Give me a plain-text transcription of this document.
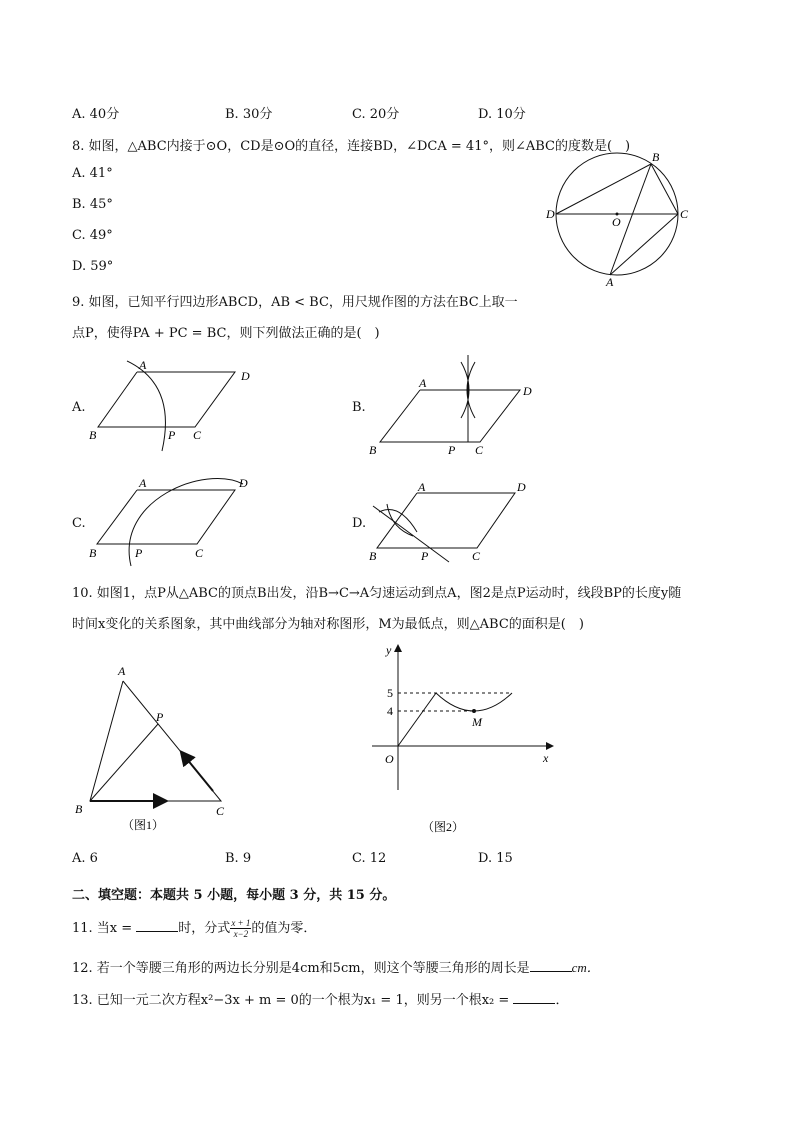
A. 40分	B. 30分	C. 20分	D. 10分
8. 如图，△ABC内接于⊙O，CD是⊙O的直径，连接BD，∠DCA = 41°，则∠ABC的度数是(　)
A. 41°
B. 45°
C. 49°
D. 59°
B
D
O
C
A
9. 如图，已知平行四边形ABCD，AB < BC，用尺规作图的方法在BC上取一
点P，使得PA + PC = BC，则下列做法正确的是(　)
A.
A
D
B	P C
B.
A
D
B	P C
C.
A	D
B	P	C
D.
A	D
B	P	C
10. 如图1，点P从△ABC的顶点B出发，沿B→C→A匀速运动到点A，图2是点P运动时，线段BP的长度y随
时间x变化的关系图象，其中曲线部分为轴对称图形，M为最低点，则△ABC的面积是(　)
A
P
B	C
（图1）
y
x
O
M
5
4
（图2）
A. 6	B. 9	C. 12	D. 15
二、填空题：本题共 5 小题，每小题 3 分，共 15 分。
11. 当x =	时，分式 $\frac{x + 1}{x-2}$ 的值为零．
12. 若一个等腰三角形的两边长分别是4cm和5cm，则这个等腰三角形的周长是	cm．
13. 已知一元二次方程x²−3x + m = 0的一个根为x₁ = 1，则另一个根x₂ =	．
